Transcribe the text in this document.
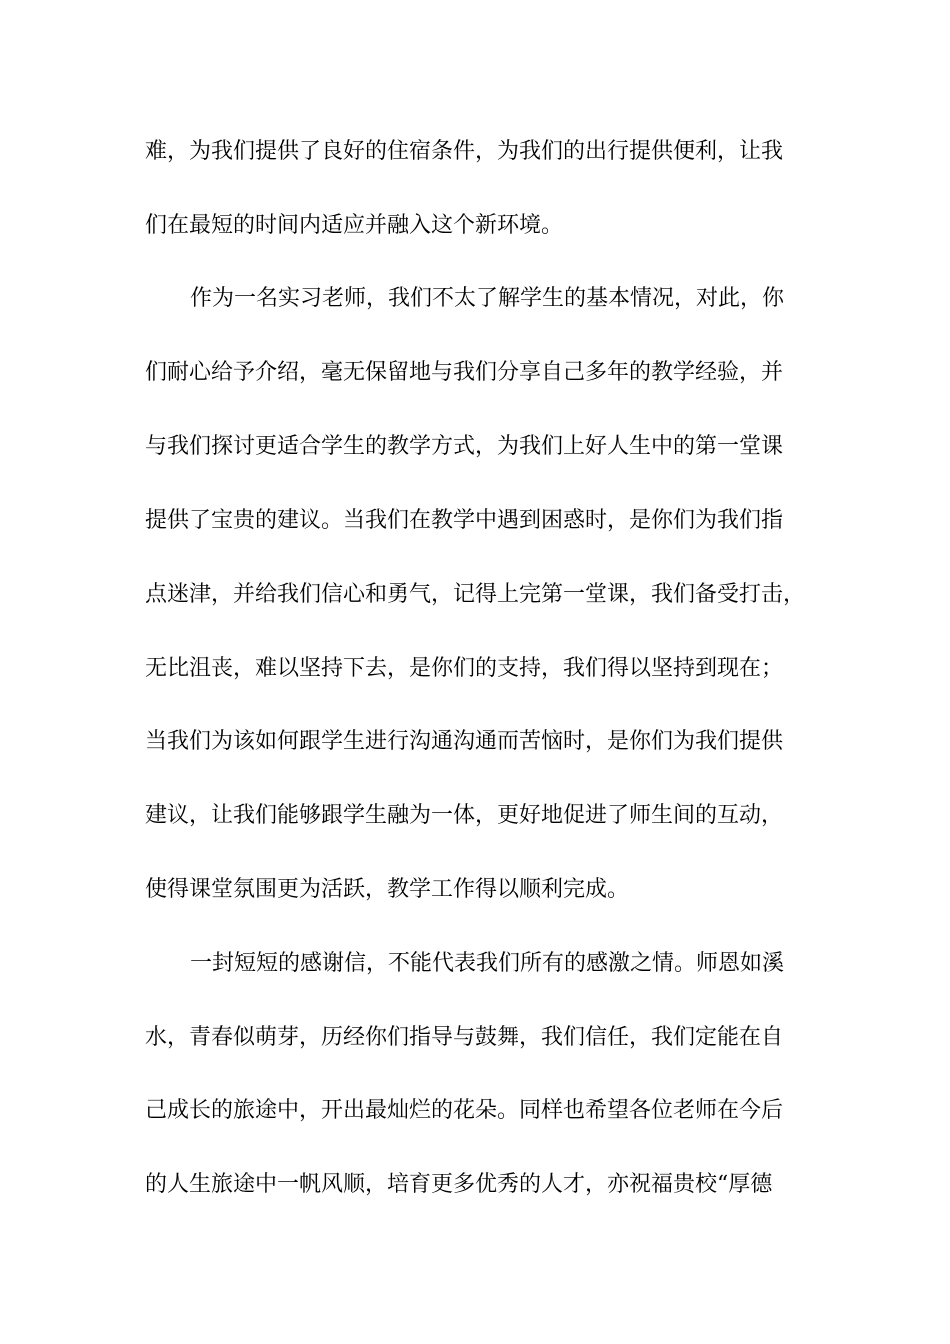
难，为我们提供了良好的住宿条件，为我们的出行提供便利，让我
们在最短的时间内适应并融入这个新环境。
作为一名实习老师，我们不太了解学生的基本情况，对此，你
们耐心给予介绍，毫无保留地与我们分享自己多年的教学经验，并
与我们探讨更适合学生的教学方式，为我们上好人生中的第一堂课
提供了宝贵的建议。当我们在教学中遇到困惑时，是你们为我们指
点迷津，并给我们信心和勇气，记得上完第一堂课，我们备受打击，
无比沮丧，难以坚持下去，是你们的支持，我们得以坚持到现在；
当我们为该如何跟学生进行沟通沟通而苦恼时，是你们为我们提供
建议，让我们能够跟学生融为一体，更好地促进了师生间的互动，
使得课堂氛围更为活跃，教学工作得以顺利完成。
一封短短的感谢信，不能代表我们所有的感激之情。师恩如溪
水，青春似萌芽，历经你们指导与鼓舞，我们信任，我们定能在自
己成长的旅途中，开出最灿烂的花朵。同样也希望各位老师在今后
的人生旅途中一帆风顺，培育更多优秀的人才，亦祝福贵校“厚德
